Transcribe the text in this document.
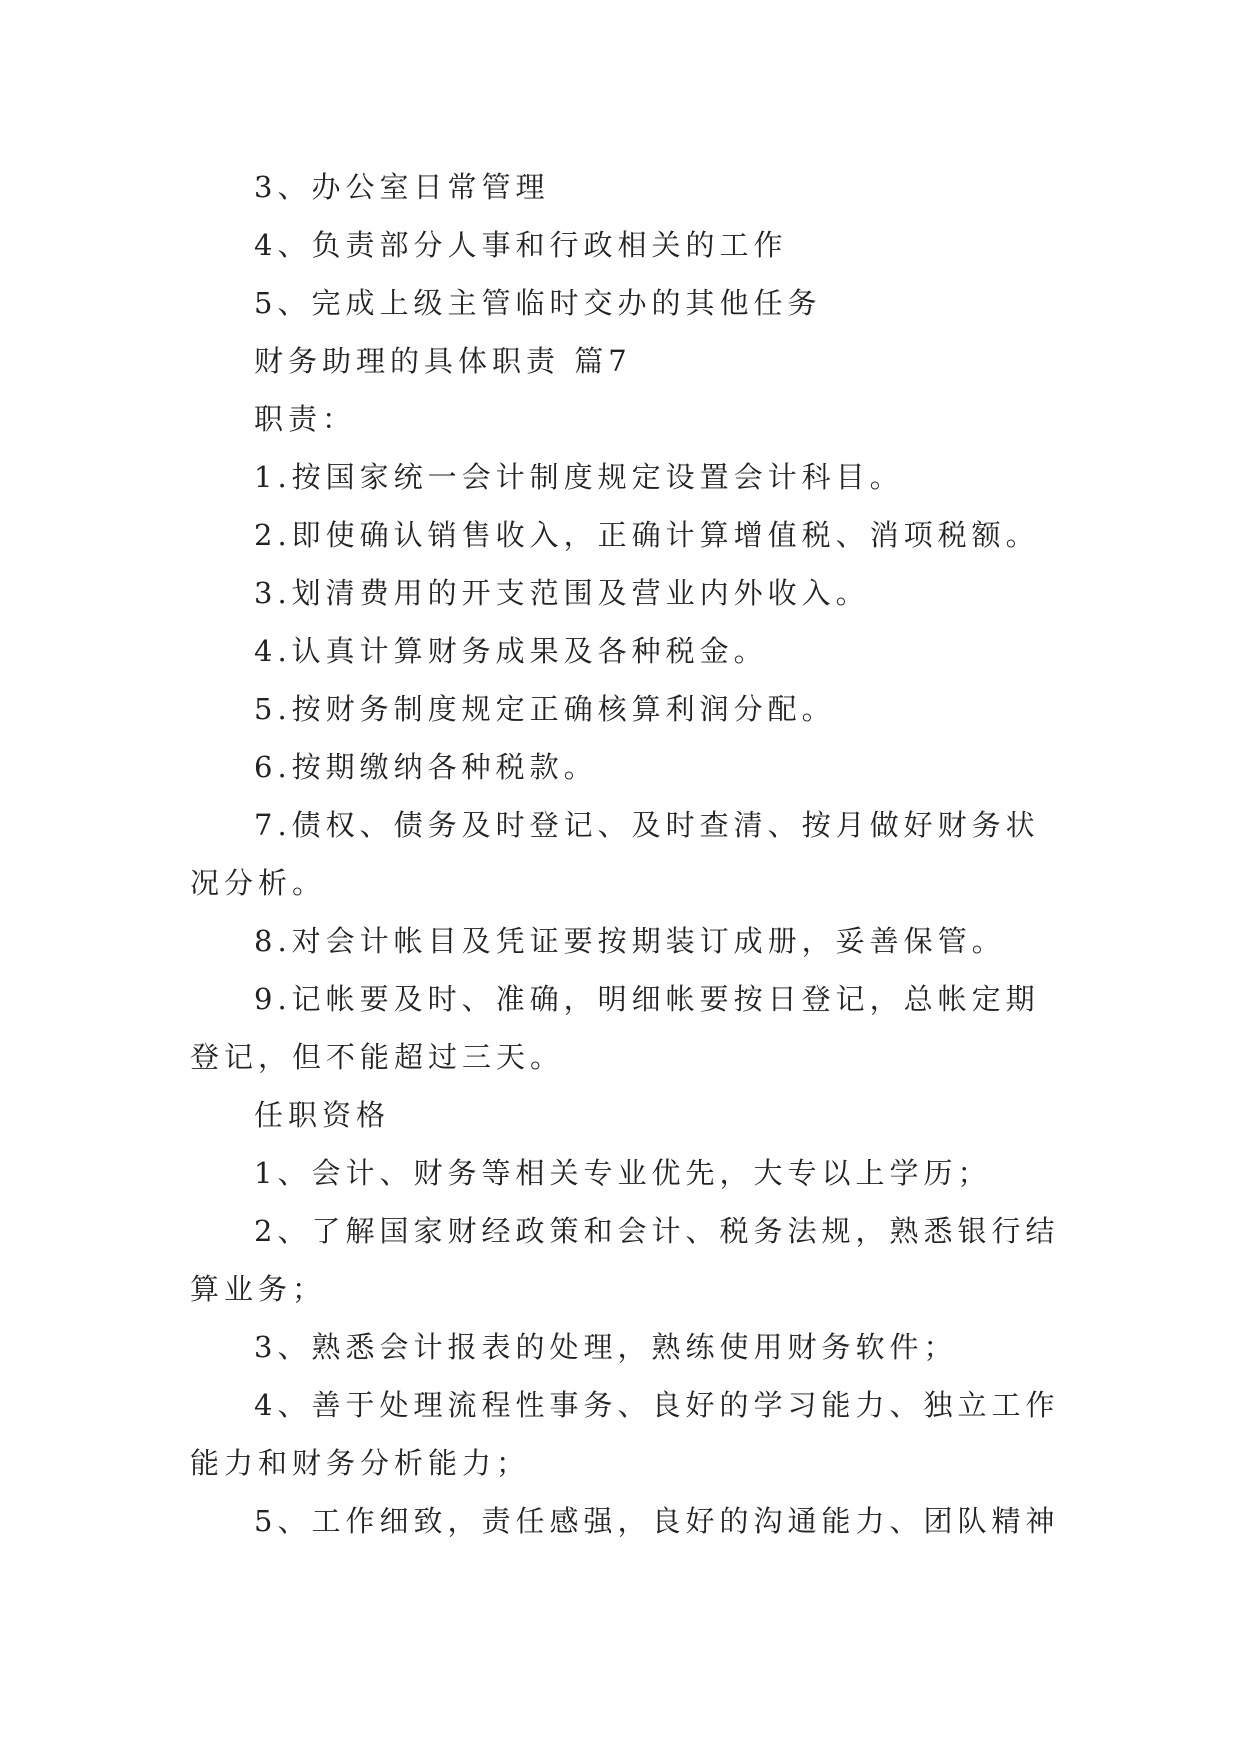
3、办公室日常管理

4、负责部分人事和行政相关的工作

5、完成上级主管临时交办的其他任务

财务助理的具体职责 篇7

职责：

1.按国家统一会计制度规定设置会计科目。

2.即使确认销售收入，正确计算增值税、消项税额。

3.划清费用的开支范围及营业内外收入。

4.认真计算财务成果及各种税金。

5.按财务制度规定正确核算利润分配。

6.按期缴纳各种税款。

7.债权、债务及时登记、及时查清、按月做好财务状况分析。

8.对会计帐目及凭证要按期装订成册，妥善保管。

9.记帐要及时、准确，明细帐要按日登记，总帐定期登记，但不能超过三天。

任职资格

1、会计、财务等相关专业优先，大专以上学历；

2、了解国家财经政策和会计、税务法规，熟悉银行结算业务；

3、熟悉会计报表的处理，熟练使用财务软件；

4、善于处理流程性事务、良好的学习能力、独立工作能力和财务分析能力；

5、工作细致，责任感强，良好的沟通能力、团队精神
